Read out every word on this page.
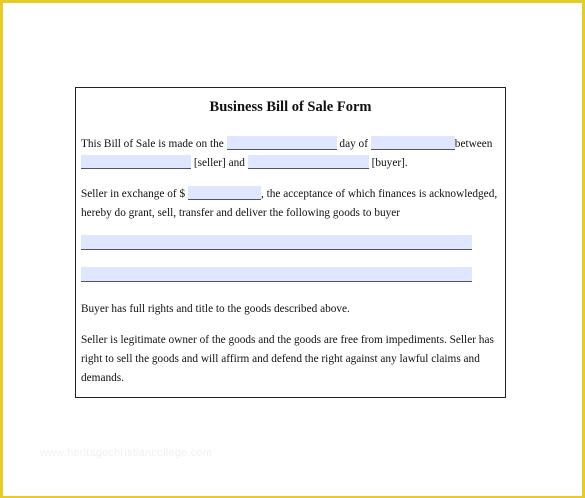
Business Bill of Sale Form
This Bill of Sale is made on the	day of	between
[seller] and	[buyer].
Seller in exchange of $	, the acceptance of which finances is acknowledged,
hereby do grant, sell, transfer and deliver the following goods to buyer
Buyer has full rights and title to the goods described above.
Seller is legitimate owner of the goods and the goods are free from impediments. Seller has
right to sell the goods and will affirm and defend the right against any lawful claims and
demands.
www.heritagechristiancollege.com
